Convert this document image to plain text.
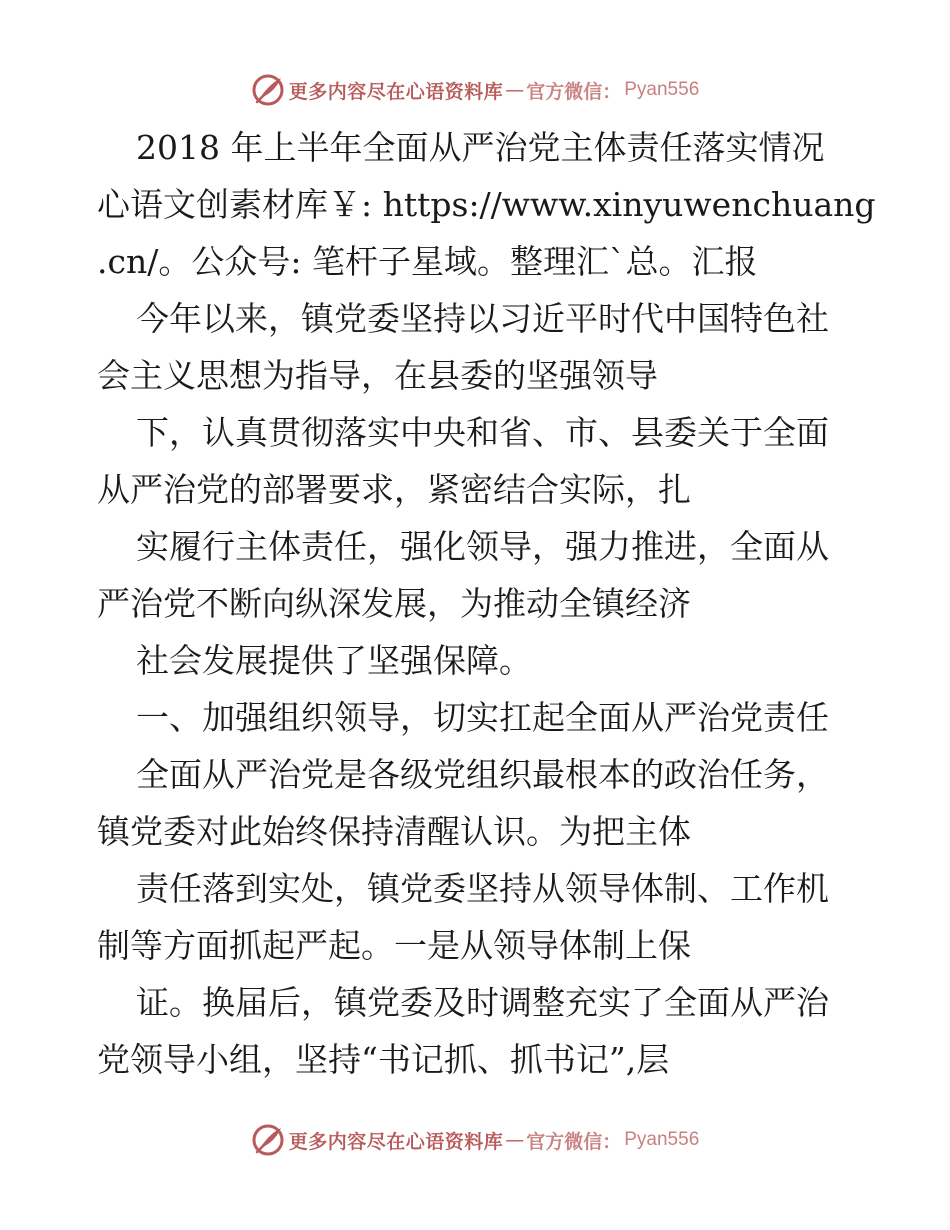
更多内容尽在心语资料库 — 官方微信： Pyan556
2018 年上半年全面从严治党主体责任落实情况
心语文创素材库￥: https://www.xinyuwenchuang
.cn/。公众号: 笔杆子星域。整理汇`总。汇报
今年以来，镇党委坚持以习近平时代中国特色社
会主义思想为指导，在县委的坚强领导
下，认真贯彻落实中央和省、市、县委关于全面
从严治党的部署要求，紧密结合实际，扎
实履行主体责任，强化领导，强力推进，全面从
严治党不断向纵深发展，为推动全镇经济
社会发展提供了坚强保障。
一、加强组织领导，切实扛起全面从严治党责任
全面从严治党是各级党组织最根本的政治任务，
镇党委对此始终保持清醒认识。为把主体
责任落到实处，镇党委坚持从领导体制、工作机
制等方面抓起严起。一是从领导体制上保
证。换届后，镇党委及时调整充实了全面从严治
党领导小组，坚持“书记抓、抓书记”,层
更多内容尽在心语资料库 — 官方微信： Pyan556
